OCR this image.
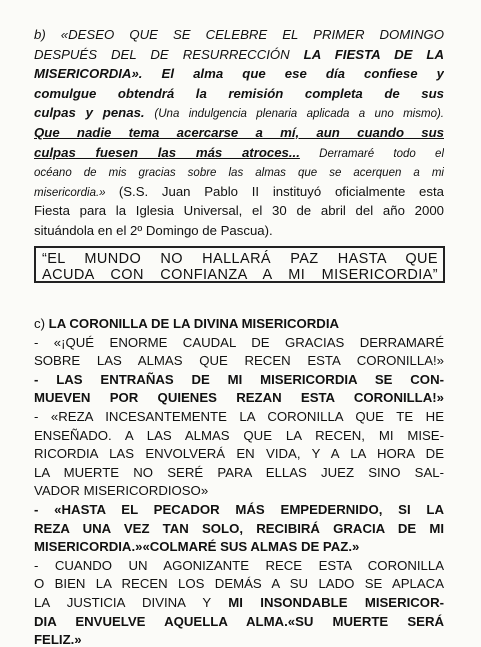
b) «DESEO QUE SE CELEBRE EL PRIMER DOMINGO
DESPUÉS DEL DE RESURRECCIÓN LA FIESTA DE LA
MISERICORDIA». El alma que ese día confiese y
comulgue obtendrá la remisión completa de sus
culpas y penas. (Una indulgencia plenaria aplicada a uno mismo).
Que nadie tema acercarse a mí, aun cuando sus
culpas fuesen las más atroces... Derramaré todo el
océano de mis gracias sobre las almas que se acerquen a mi
misericordia.» (S.S. Juan Pablo II instituyó oficialmente esta
Fiesta para la Iglesia Universal, el 30 de abril del año 2000
situándola en el 2º Domingo de Pascua).
“EL MUNDO NO HALLARÁ PAZ HASTA QUE
ACUDA CON CONFIANZA A MI MISERICORDIA”
c) LA CORONILLA DE LA DIVINA MISERICORDIA
- «¡QUÉ ENORME CAUDAL DE GRACIAS DERRAMARÉ
SOBRE LAS ALMAS QUE RECEN ESTA CORONILLA!»
- LAS ENTRAÑAS DE MI MISERICORDIA SE CON-
MUEVEN POR QUIENES REZAN ESTA CORONILLA!»
- «REZA INCESANTEMENTE LA CORONILLA QUE TE HE
ENSEÑADO. A LAS ALMAS QUE LA RECEN, MI MISE-
RICORDIA LAS ENVOLVERÁ EN VIDA, Y A LA HORA DE
LA MUERTE NO SERÉ PARA ELLAS JUEZ SINO SAL-
VADOR MISERICORDIOSO»
- «HASTA EL PECADOR MÁS EMPEDERNIDO, SI LA
REZA UNA VEZ TAN SOLO, RECIBIRÁ GRACIA DE MI
MISERICORDIA.»«COLMARÉ SUS ALMAS DE PAZ.»
- CUANDO UN AGONIZANTE RECE ESTA CORONILLA
O BIEN LA RECEN LOS DEMÁS A SU LADO SE APLACA
LA JUSTICIA DIVINA Y MI INSONDABLE MISERICOR-
DIA ENVUELVE AQUELLA ALMA.«SU MUERTE SERÁ
FELIZ.»
